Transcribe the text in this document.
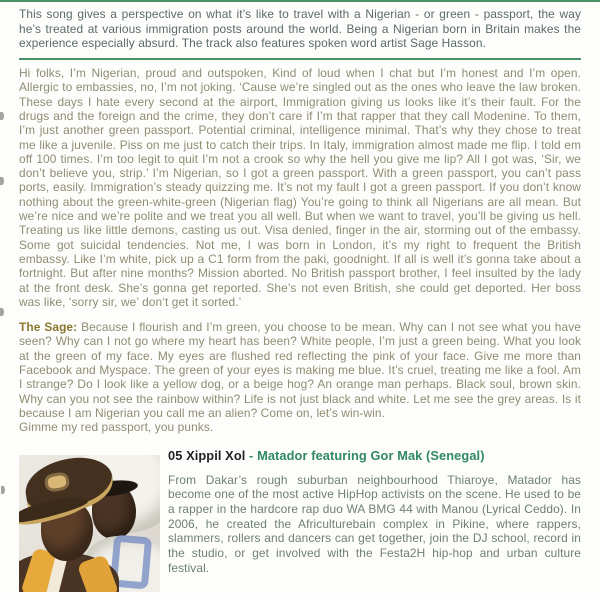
This song gives a perspective on what it’s like to travel with a Nigerian - or green - passport, the way he’s treated at various immigration posts around the world. Being a Nigerian born in Britain makes the experience especially absurd. The track also features spoken word artist Sage Hasson.

Hi folks, I’m Nigerian, proud and outspoken, Kind of loud when I chat but I’m honest and I’m open. Allergic to embassies, no, I’m not joking. ‘Cause we’re singled out as the ones who leave the law broken. These days I hate every second at the airport, Immigration giving us looks like it’s their fault. For the drugs and the foreign and the crime, they don’t care if I’m that rapper that they call Modenine. To them, I’m just another green passport. Potential criminal, intelligence minimal. That’s why they chose to treat me like a juvenile. Piss on me just to catch their trips. In Italy, immigration almost made me flip. I told em off 100 times. I’m too legit to quit I’m not a crook so why the hell you give me lip? All I got was, ‘Sir, we don’t believe you, strip.’ I’m Nigerian, so I got a green passport. With a green passport, you can’t pass ports, easily. Immigration’s steady quizzing me. It’s not my fault I got a green passport. If you don’t know nothing about the green-white-green (Nigerian flag) You’re going to think all Nigerians are all mean. But we’re nice and we’re polite and we treat you all well. But when we want to travel, you’ll be giving us hell. Treating us like little demons, casting us out. Visa denied, finger in the air, storming out of the embassy. Some got suicidal tendencies. Not me, I was born in London, it’s my right to frequent the British embassy. Like I’m white, pick up a C1 form from the paki, goodnight. If all is well it’s gonna take about a fortnight. But after nine months? Mission aborted. No British passport brother, I feel insulted by the lady at the front desk. She’s gonna get reported. She’s not even British, she could get deported. Her boss was like, ‘sorry sir, we’ don‘t get it sorted.’

The Sage: Because I flourish and I’m green, you choose to be mean. Why can I not see what you have seen? Why can I not go where my heart has been? White people, I’m just a green being. What you look at the green of my face. My eyes are flushed red reflecting the pink of your face. Give me more than Facebook and Myspace. The green of your eyes is making me blue. It’s cruel, treating me like a fool. Am I strange? Do I look like a yellow dog, or a beige hog? An orange man perhaps. Black soul, brown skin. Why can you not see the rainbow within? Life is not just black and white. Let me see the grey areas. Is it because I am Nigerian you call me an alien? Come on, let’s win-win.
Gimme my red passport, you punks.

05 Xippil Xol - Matador featuring Gor Mak (Senegal)

From Dakar’s rough suburban neighbourhood Thiaroye, Matador has become one of the most active HipHop activists on the scene. He used to be a rapper in the hardcore rap duo WA BMG 44 with Manou (Lyrical Ceddo). In 2006, he created the Africulturebain complex in Pikine, where rappers, slammers, rollers and dancers can get together, join the DJ school, record in the studio, or get involved with the Festa2H hip-hop and urban culture festival.
